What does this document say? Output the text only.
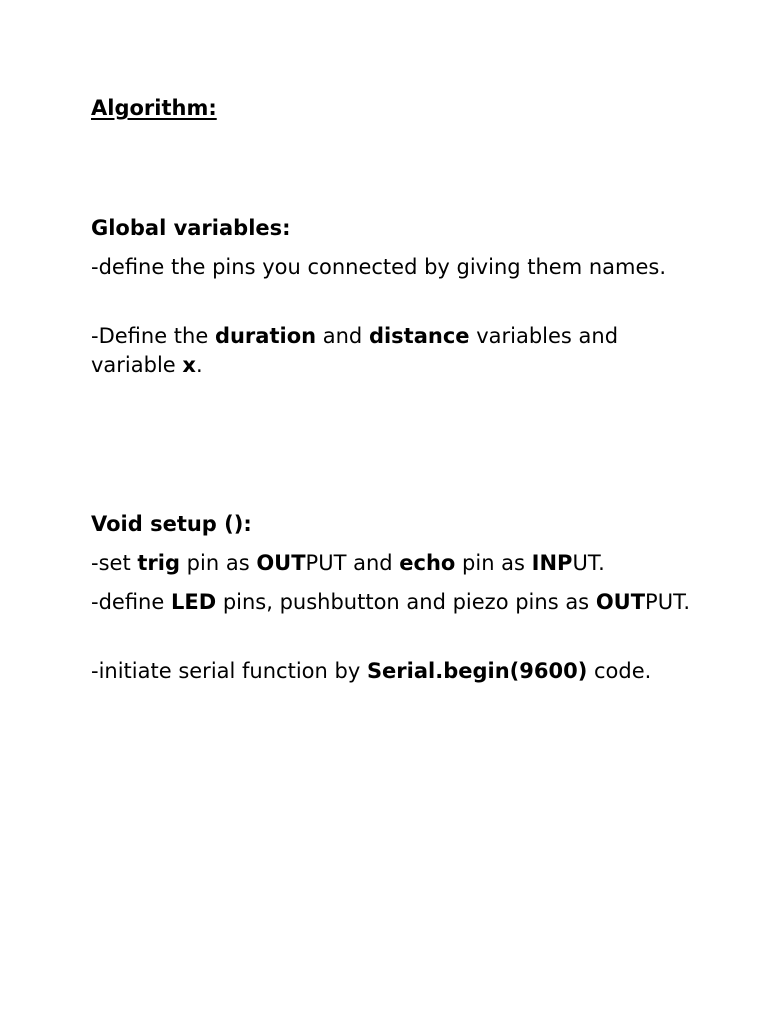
Algorithm:

Global variables:

-define the pins you connected by giving them names.

-Define the duration and distance variables and variable x.

Void setup ():

-set trig pin as OUTPUT and echo pin as INPUT.

-define LED pins, pushbutton and piezo pins as OUTPUT.

-initiate serial function by Serial.begin(9600) code.
